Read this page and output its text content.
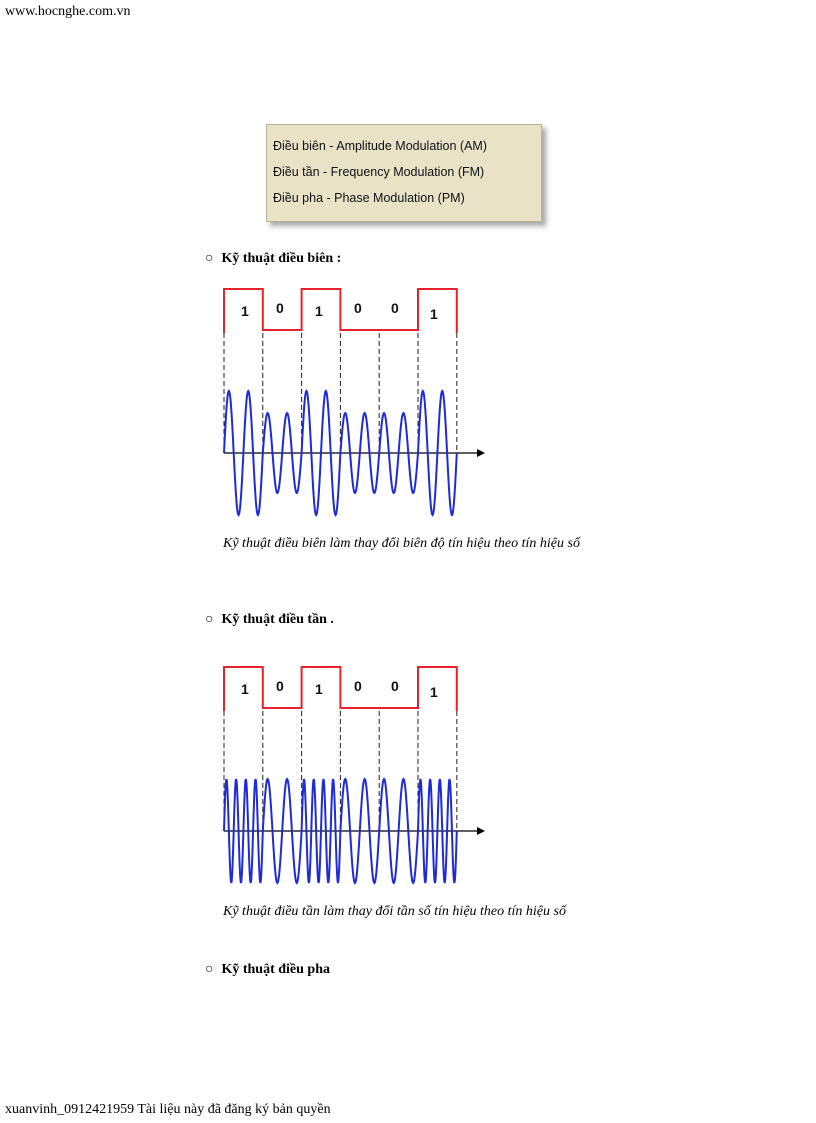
www.hocnghe.com.vn
Điều biên - Amplitude Modulation (AM)
Điều tần - Frequency Modulation (FM)
Điều pha - Phase Modulation (PM)
○ Kỹ thuật điều biên :
1 0 1 0 0 1
Kỹ thuật điều biên làm thay đổi biên độ tín hiệu theo tín hiệu số
○ Kỹ thuật điều tần .
1 0 1 0 0 1
Kỹ thuật điều tần làm thay đổi tần số tín hiệu theo tín hiệu số
○ Kỹ thuật điều pha
xuanvinh_0912421959 Tài liệu này đã đăng ký bản quyền
